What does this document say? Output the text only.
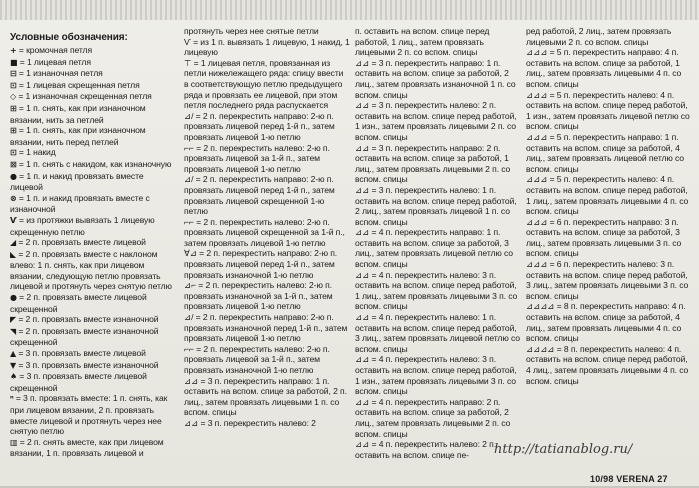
Условные обозначения:

+ = кромочная петля

■ = 1 лицевая петля

⊟ = 1 изнаночная петля

⊡ = 1 лицевая скрещенная петля

◇ = 1 изнаночная скрещенная петля

⊞ = 1 п. снять, как при изнаночном вязании, нить за петлей

⊞ = 1 п. снять, как при изнаночном вязании, нить перед петлей

⊡ = 1 накид

⊠ = 1 п. снять с накидом, как изнаночную

● = 1 п. и накид провязать вместе лицевой

⊗ = 1 п. и накид провязать вместе с изнаночной

Ѵ = из протяжки вывязать 1 лицевую скрещенную петлю

◢ = 2 п. провязать вместе лицевой

◣ = 2 п. провязать вместе с наклоном влево: 1 п. снять, как при лицевом вязании, следующую петлю провязать лицевой и протянуть через снятую петлю

● = 2 п. провязать вместе лицевой скрещенной

◤ = 2 п. провязать вместе изнаночной

◥ = 2 п. провязать вместе изнаночной скрещенной

▲ = 3 п. провязать вместе лицевой

▼ = 3 п. провязать вместе изнаночной

♠ = 3 п. провязать вместе лицевой скрещенной

ⁿ = 3 п. провязать вместе: 1 п. снять, как при лицевом вязании, 2 п. провязать вместе лицевой и протянуть через нее снятую петлю

▥ = 2 п. снять вместе, как при лицевом вязании, 1 п. провязать лицевой и

протянуть через нее снятые петли

Ѵ = из 1 п. вывязать 1 лицевую, 1 накид, 1 лицевую

⊤ = 1 лицевая петля, провязанная из петли нижележащего ряда: спицу ввести в соответствующую петлю предыдущего ряда и провязать ее лицевой, при этом петля последнего ряда распускается

⊿/ = 2 п. перекрестить направо: 2-ю п. провязать лицевой перед 1-й п., затем провязать лицевой 1-ю петлю

⌐⌐ = 2 п. перекрестить налево: 2-ю п. провязать лицевой за 1-й п., затем провязать лицевой 1-ю петлю

⊿/ = 2 п. перекрестить направо: 2-ю п. провязать лицевой перед 1-й п., затем провязать лицевой скрещенной 1-ю петлю

⌐⌐ = 2 п. перекрестить налево: 2-ю п. провязать лицевой скрещенной за 1-й п., затем провязать лицевой 1-ю петлю

∀⊿ = 2 п. перекрестить направо: 2-ю п. провязать лицевой перед 1-й п., затем провязать изнаночной 1-ю петлю

⊿⌐ = 2 п. перекрестить налево: 2-ю п. провязать изнаночной за 1-й п., затем провязать лицевой 1-ю петлю

⊿/ = 2 п. перекрестить направо: 2-ю п. провязать изнаночной перед 1-й п., затем провязать лицевой 1-ю петлю

⌐⌐ = 2 п. перекрестить налево: 2-ю п. провязать лицевой за 1-й п., затем провязать изнаночной 1-ю петлю

⊿⊿ = 3 п. перекрестить направо: 1 п. оставить на вспом. спице за работой, 2 п. лиц., затем провязать лицевыми 1 п. со вспом. спицы

⊿⊿ = 3 п. перекрестить налево: 2

п. оставить на вспом. спице перед работой, 1 лиц., затем провязать лицевыми 2 п. со вспом. спицы

⊿⊿ = 3 п. перекрестить направо: 1 п. оставить на вспом. спице за работой, 2 лиц., затем провязать изнаночной 1 п. со вспом. спицы

⊿⊿ = 3 п. перекрестить налево: 2 п. оставить на вспом. спице перед работой, 1 изн., затем провязать лицевыми 2 п. со вспом. спицы

⊿⊿ = 3 п. перекрестить направо: 2 п. оставить на вспом. спице за работой, 1 лиц., затем провязать лицевыми 2 п. со вспом. спицы

⊿⊿ = 3 п. перекрестить налево: 1 п. оставить на вспом. спице перед работой, 2 лиц., затем провязать лицевой 1 п. со вспом. спицы

⊿⊿ = 4 п. перекрестить направо: 1 п. оставить на вспом. спице за работой, 3 лиц., затем провязать лицевой петлю со вспом. спицы

⊿⊿ = 4 п. перекрестить налево: 3 п. оставить на вспом. спице перед работой, 1 лиц., затем провязать лицевыми 3 п. со вспом. спицы

⊿⊿ = 4 п. перекрестить налево: 1 п. оставить на вспом. спице перед работой, 3 лиц., затем провязать лицевой петлю со вспом. спицы

⊿⊿ = 4 п. перекрестить налево: 3 п. оставить на вспом. спице перед работой, 1 изн., затем провязать лицевыми 3 п. со вспом. спицы

⊿⊿ = 4 п. перекрестить направо: 2 п. оставить на вспом. спице за работой, 2 лиц., затем провязать лицевыми 2 п. со вспом. спицы

⊿⊿ = 4 п. перекрестить налево: 2 п. оставить на вспом. спице пе-

ред работой, 2 лиц., затем провязать лицевыми 2 п. со вспом. спицы

⊿⊿⊿ = 5 п. перекрестить направо: 4 п. оставить на вспом. спице за работой, 1 лиц., затем провязать лицевыми 4 п. со вспом. спицы

⊿⊿⊿ = 5 п. перекрестить налево: 4 п. оставить на вспом. спице перед работой, 1 изн., затем провязать лицевой петлю со вспом. спицы

⊿⊿⊿ = 5 п. перекрестить направо: 1 п. оставить на вспом. спице за работой, 4 лиц., затем провязать лицевой петлю со вспом. спицы

⊿⊿⊿ = 5 п. перекрестить налево: 4 п. оставить на вспом. спице перед работой, 1 лиц., затем провязать лицевыми 4 п. со вспом. спицы

⊿⊿⊿ = 6 п. перекрестить направо: 3 п. оставить на вспом. спице за работой, 3 лиц., затем провязать лицевыми 3 п. со вспом. спицы

⊿⊿⊿ = 6 п. перекрестить налево: 3 п. оставить на вспом. спице перед работой, 3 лиц., затем провязать лицевыми 3 п. со вспом. спицы

⊿⊿⊿⊿ = 8 п. перекрестить направо: 4 п. оставить на вспом. спице за работой, 4 лиц., затем провязать лицевыми 4 п. со вспом. спицы

⊿⊿⊿⊿ = 8 п. перекрестить налево: 4 п. оставить на вспом. спице перед работой, 4 лиц., затем провязать лицевыми 4 п. со вспом. спицы

http://tatianablog.ru/
10/98 VERENA 27
